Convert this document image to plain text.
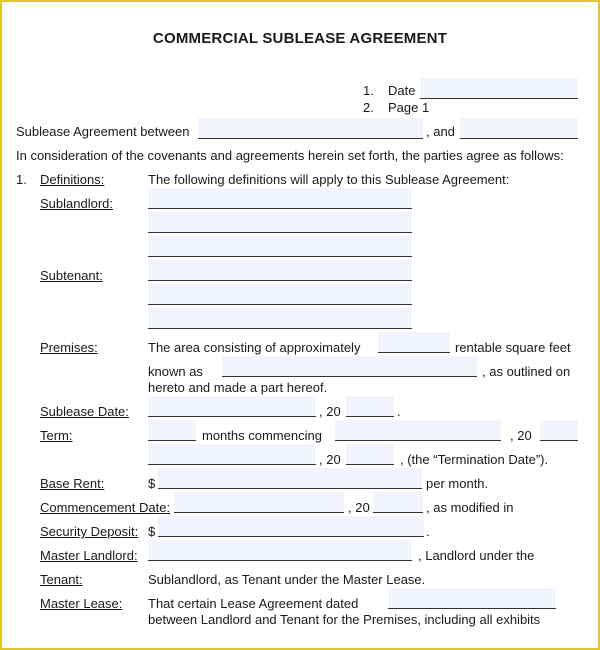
COMMERCIAL SUBLEASE AGREEMENT
1. Date
2. Page 1
Sublease Agreement between	, and
In consideration of the covenants and agreements herein set forth, the parties agree as follows:
1. Definitions:	The following definitions will apply to this Sublease Agreement:
Sublandlord:
Subtenant:
Premises:	The area consisting of approximately	rentable square feet
known as	, as outlined on
hereto and made a part hereof.
Sublease Date:	, 20	.
Term:	months commencing	, 20
, 20	, (the “Termination Date”).
Base Rent:	$	per month.
Commencement Date:	, 20	, as modified in
Security Deposit: $	.
Master Landlord:	, Landlord under the
Tenant:	Sublandlord, as Tenant under the Master Lease.
Master Lease: That certain Lease Agreement dated
between Landlord and Tenant for the Premises, including all exhibits
